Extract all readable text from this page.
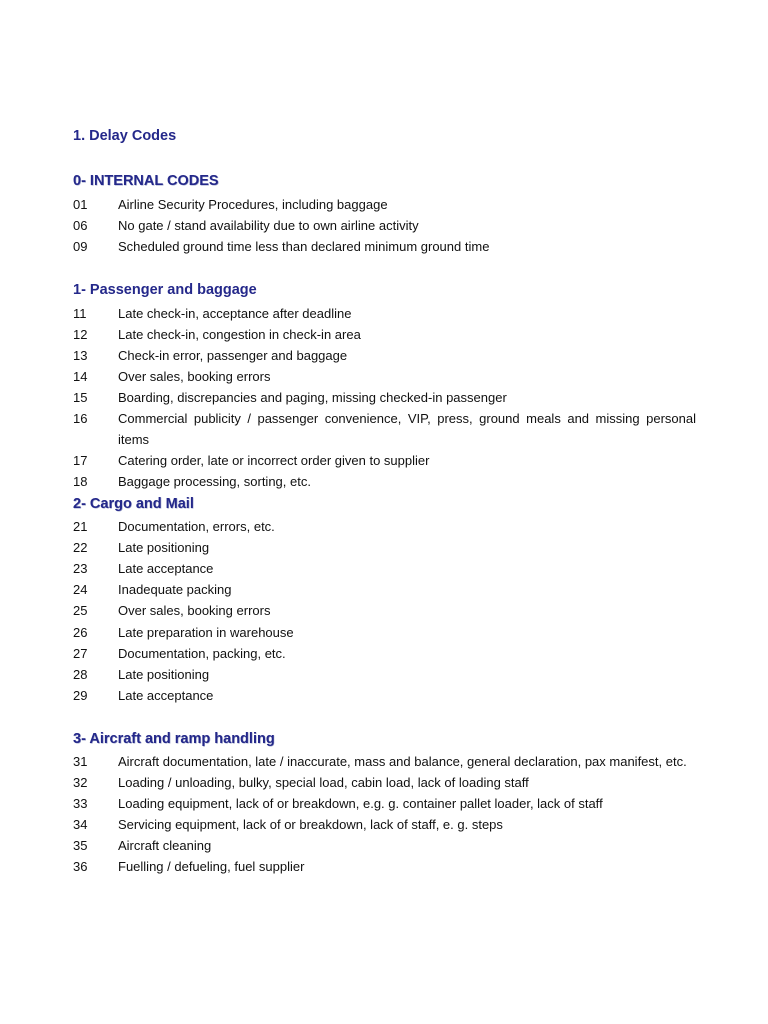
1. Delay Codes
0- INTERNAL CODES
01 Airline Security Procedures, including baggage
06 No gate / stand availability due to own airline activity
09 Scheduled ground time less than declared minimum ground time
1- Passenger and baggage
11 Late check-in, acceptance after deadline
12 Late check-in, congestion in check-in area
13 Check-in error, passenger and baggage
14 Over sales, booking errors
15 Boarding, discrepancies and paging, missing checked-in passenger
16 Commercial publicity / passenger convenience, VIP, press, ground meals and missing personal
items
17 Catering order, late or incorrect order given to supplier
18 Baggage processing, sorting, etc.
2- Cargo and Mail
21 Documentation, errors, etc.
22 Late positioning
23 Late acceptance
24 Inadequate packing
25 Over sales, booking errors
26 Late preparation in warehouse
27 Documentation, packing, etc.
28 Late positioning
29 Late acceptance
3- Aircraft and ramp handling
31 Aircraft documentation, late / inaccurate, mass and balance, general declaration, pax manifest, etc.
32 Loading / unloading, bulky, special load, cabin load, lack of loading staff
33 Loading equipment, lack of or breakdown, e.g. g. container pallet loader, lack of staff
34 Servicing equipment, lack of or breakdown, lack of staff, e. g. steps
35 Aircraft cleaning
36 Fuelling / defueling, fuel supplier
